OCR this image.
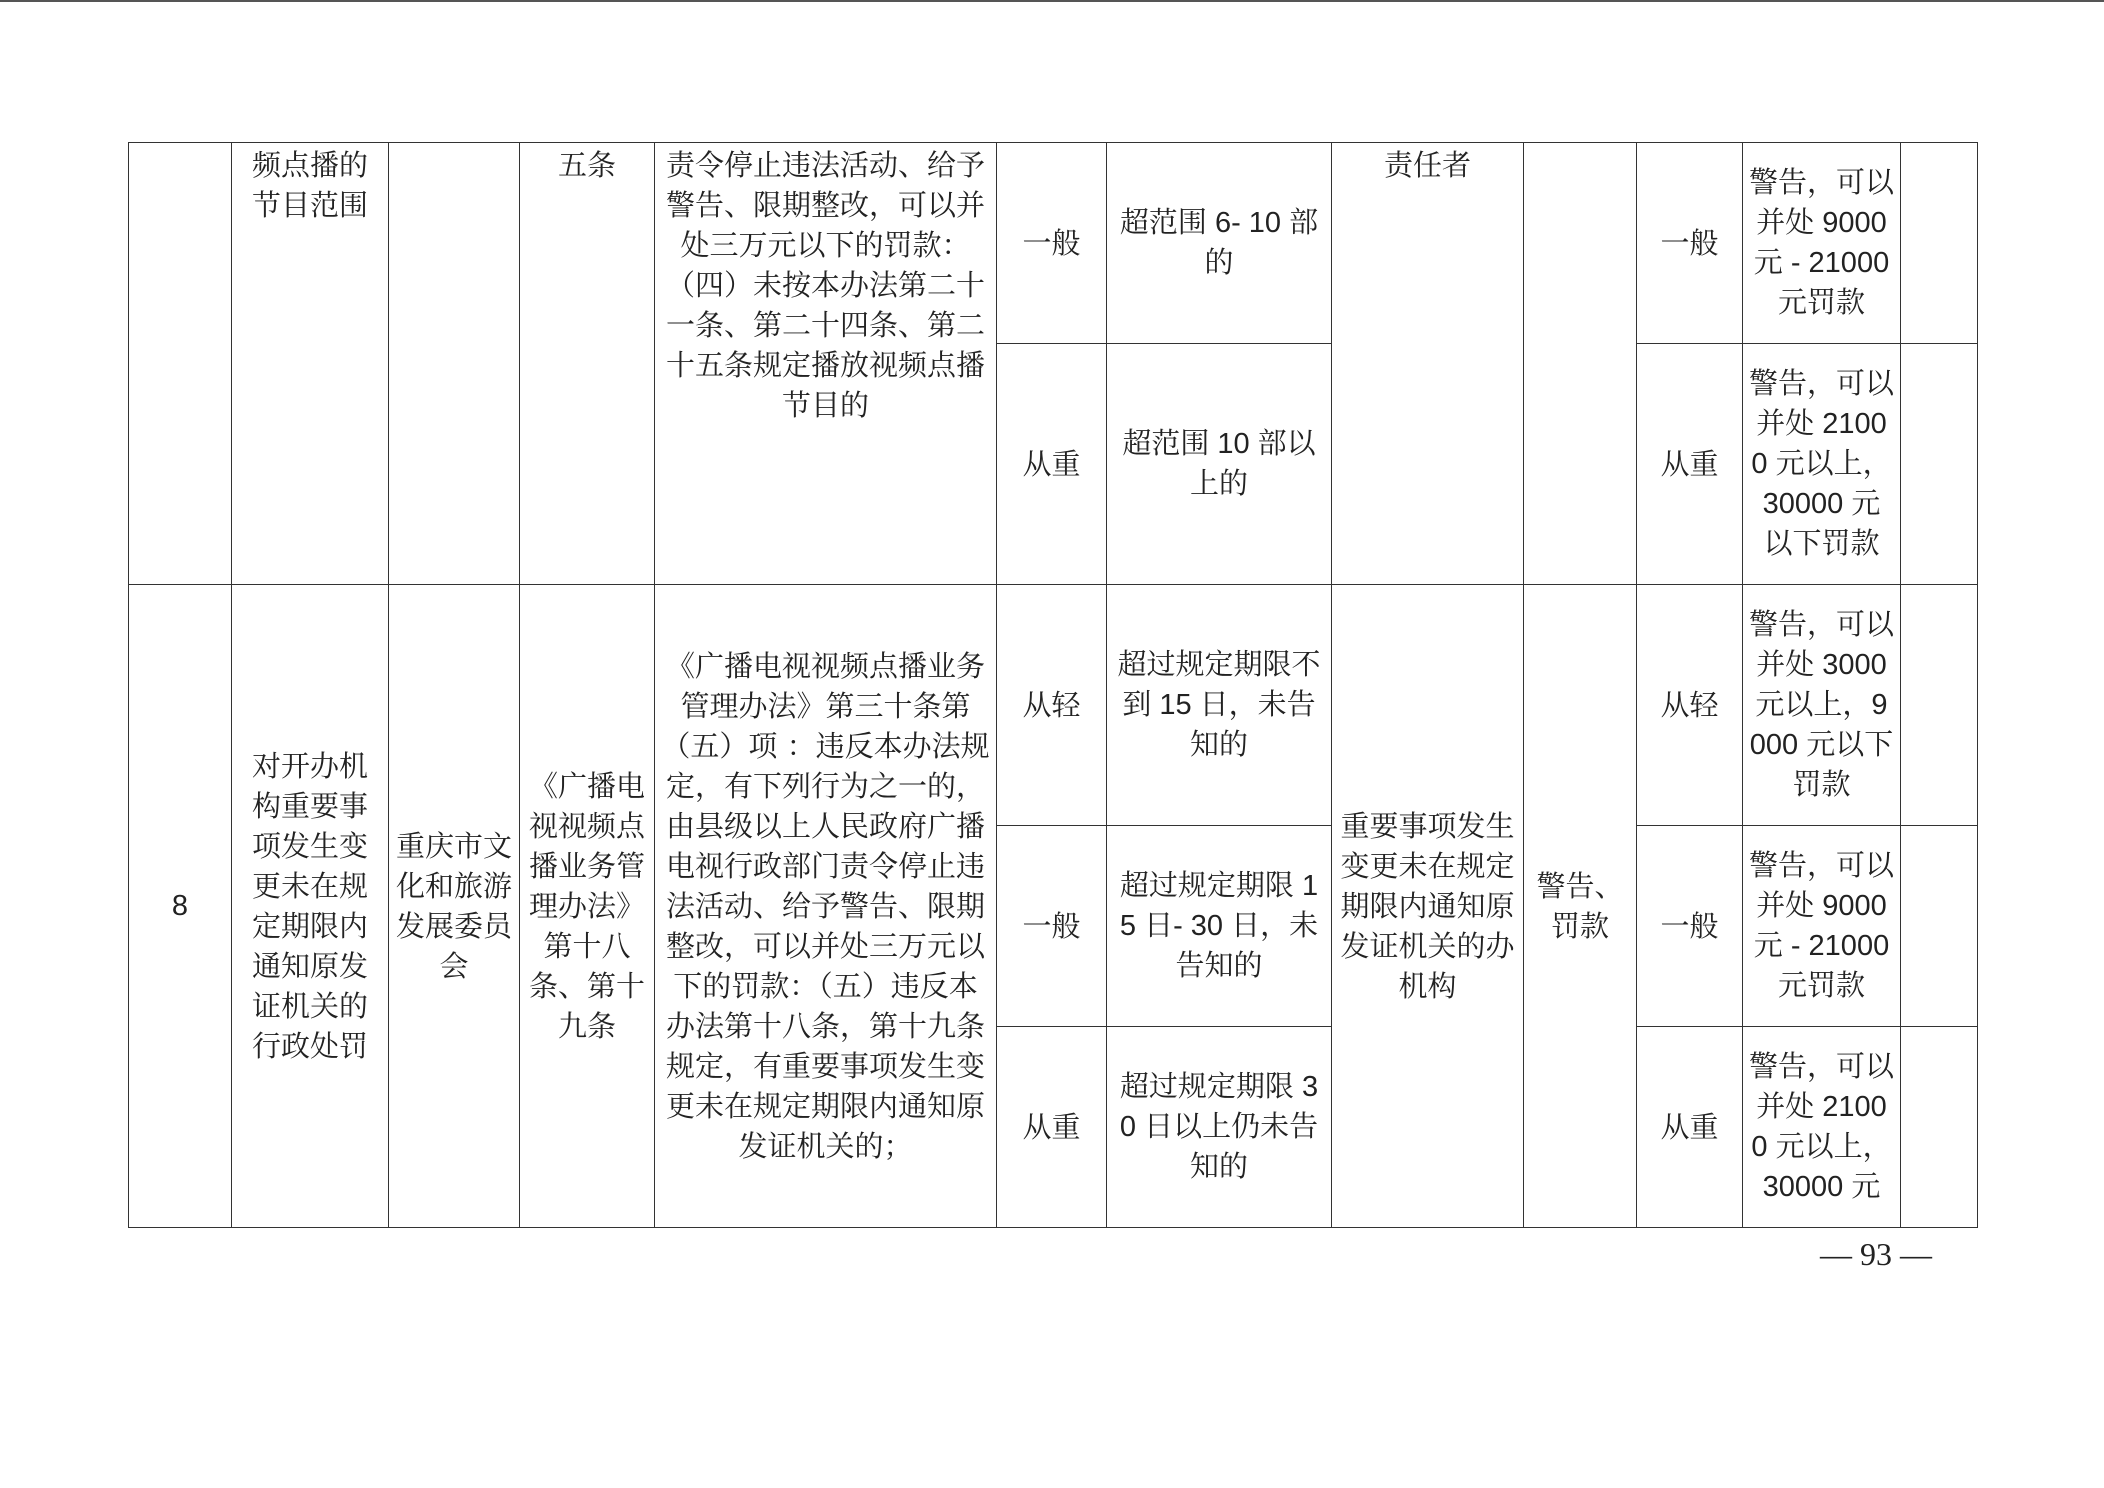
	频点播的节目范围		五条	责令停止违法活动、给予警告、限期整改，可以并处三万元以下的罚款：（四）未按本办法第二十一条、第二十四条、第二十五条规定播放视频点播节目的	一般	超范围 6- 10 部的	责任者		一般	警告，可以并处 9000 元 - 21000 元罚款	
					从重	超范围 10 部以上的			从重	警告，可以并处 21000 元以上，30000 元以下罚款	
8	对开办机构重要事项发生变更未在规定期限内通知原发证机关的行政处罚	重庆市文化和旅游发展委员会	《广播电视视频点播业务管理办法》第十八条、第十九条	《广播电视视频点播业务管理办法》第三十条第（五）项 ：违反本办法规定，有下列行为之一的，由县级以上人民政府广播电视行政部门责令停止违法活动、给予警告、限期整改，可以并处三万元以下的罚款：（五）违反本办法第十八条，第十九条规定，有重要事项发生变更未在规定期限内通知原发证机关的；	从轻	超过规定期限不到 15 日，未告知的	重要事项发生变更未在规定期限内通知原发证机关的办机构	警告、罚款	从轻	警告，可以并处 3000 元以上，9000 元以下罚款	
					一般	超过规定期限 15 日- 30 日，未告知的			一般	警告，可以并处 9000 元 - 21000 元罚款	
					从重	超过规定期限 30 日以上仍未告知的			从重	警告，可以并处 21000 元以上，30000 元	
— 93 —
